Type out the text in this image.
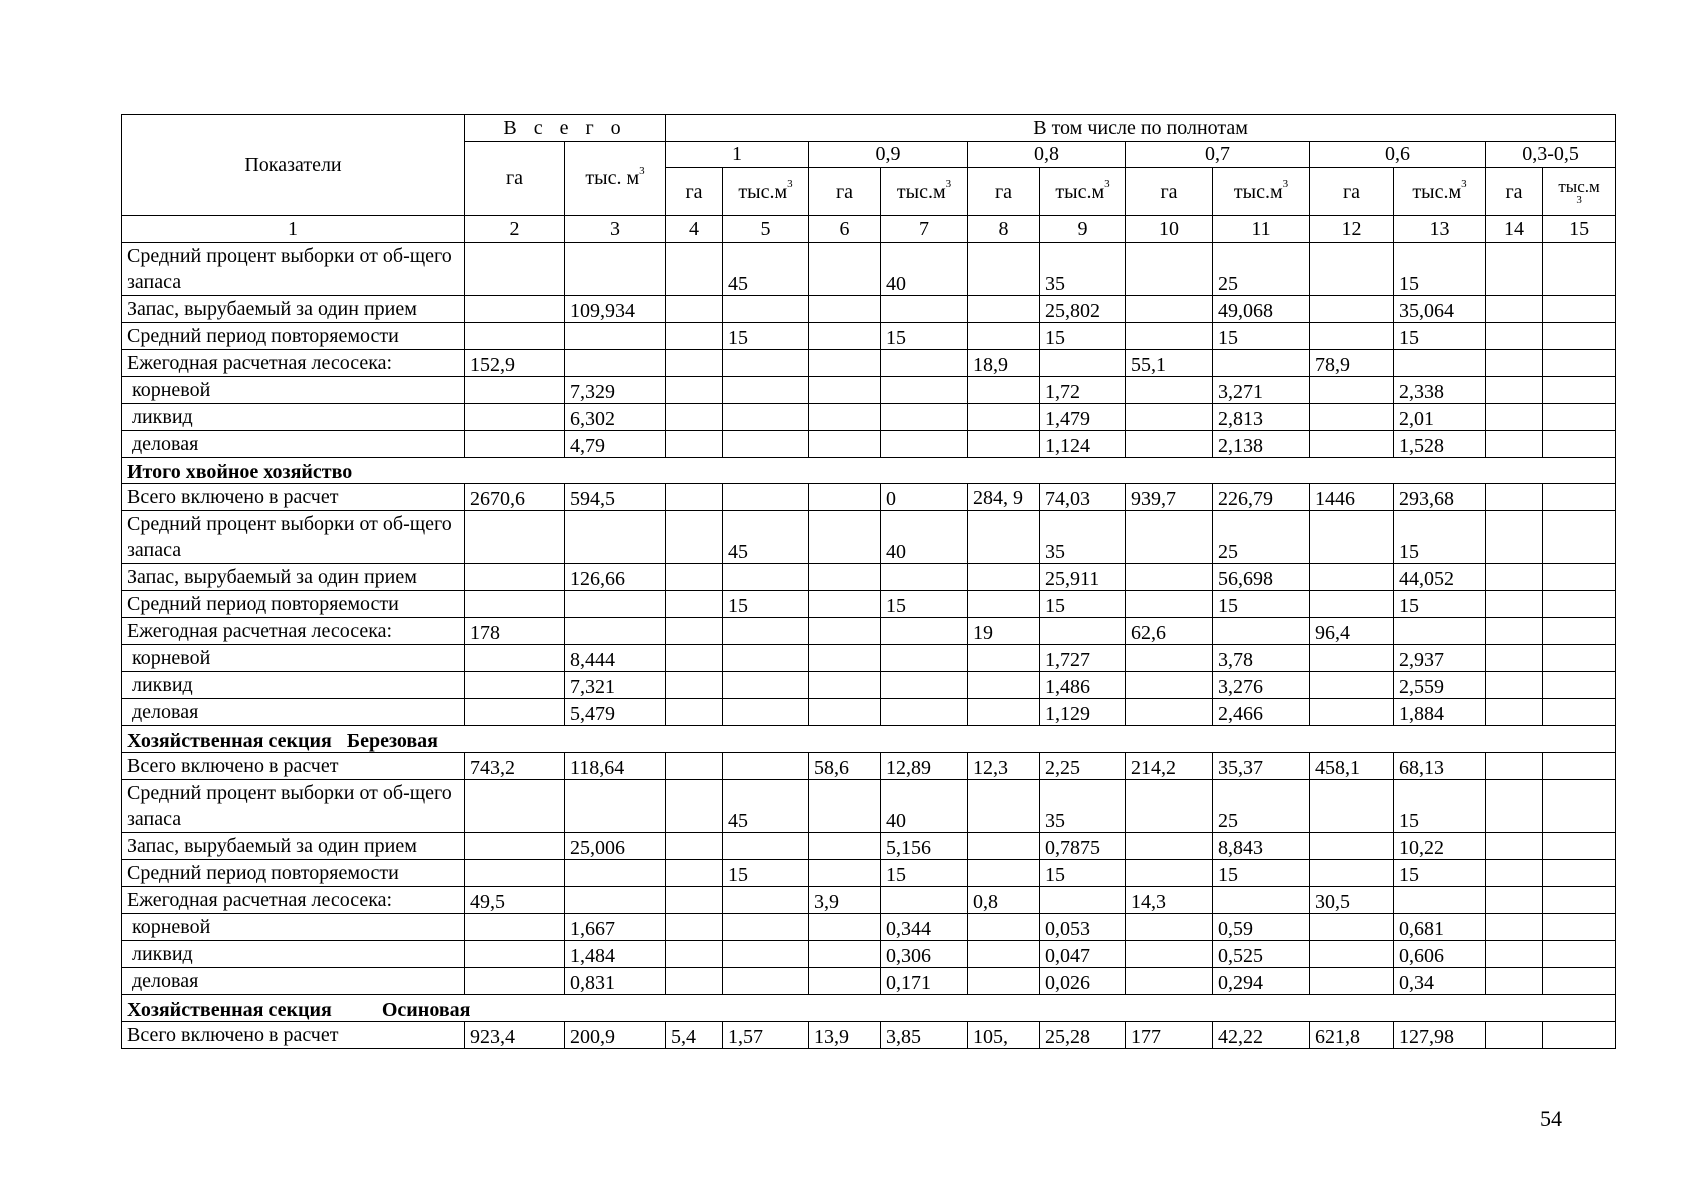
Показатели	В с е г о		В том числе по полнотам											
	га	тыс. $м^3$	1		0,9		0,8		0,7		0,6		0,3-0,5	
			га	$тыс.м^3$	га	$тыс.м^3$	га	$тыс.м^3$	га	$тыс.м^3$	га	$тыс.м^3$	га	тыс.м
3

1	2	3	4	5	6	7	8	9	10	11	12	13	14	15
Средний процент выборки от об-щего запаса				45		40		35		25		15		
Запас, вырубаемый за один прием		109,934						25,802		49,068		35,064		
Средний период повторяемости				15		15		15		15		15		
Ежегодная расчетная лесосека:	152,9						18,9		55,1		78,9			
корневой		7,329						1,72		3,271		2,338		
ликвид		6,302						1,479		2,813		2,01		
деловая		4,79						1,124		2,138		1,528		
Итого хвойное хозяйство														
Всего включено в расчет	2670,6	594,5				0	284, 9	74,03	939,7	226,79	1446	293,68		
Средний процент выборки от об-щего запаса				45		40		35		25		15		
Запас, вырубаемый за один прием		126,66						25,911		56,698		44,052		
Средний период повторяемости				15		15		15		15		15		
Ежегодная расчетная лесосека:	178						19		62,6		96,4			
корневой		8,444						1,727		3,78		2,937		
ликвид		7,321						1,486		3,276		2,559		
деловая		5,479						1,129		2,466		1,884		
Хозяйственная секция   Березовая														
Всего включено в расчет	743,2	118,64			58,6	12,89	12,3	2,25	214,2	35,37	458,1	68,13		
Средний процент выборки от об-щего запаса				45		40		35		25		15		
Запас, вырубаемый за один прием		25,006				5,156		0,7875		8,843		10,22		
Средний период повторяемости				15		15		15		15		15		
Ежегодная расчетная лесосека:	49,5				3,9		0,8		14,3		30,5			
корневой		1,667				0,344		0,053		0,59		0,681		
ликвид		1,484				0,306		0,047		0,525		0,606		
деловая		0,831				0,171		0,026		0,294		0,34		
Хозяйственная секция          Осиновая														
Всего включено в расчет	923,4	200,9	5,4	1,57	13,9	3,85	105,	25,28	177	42,22	621,8	127,98		
54
